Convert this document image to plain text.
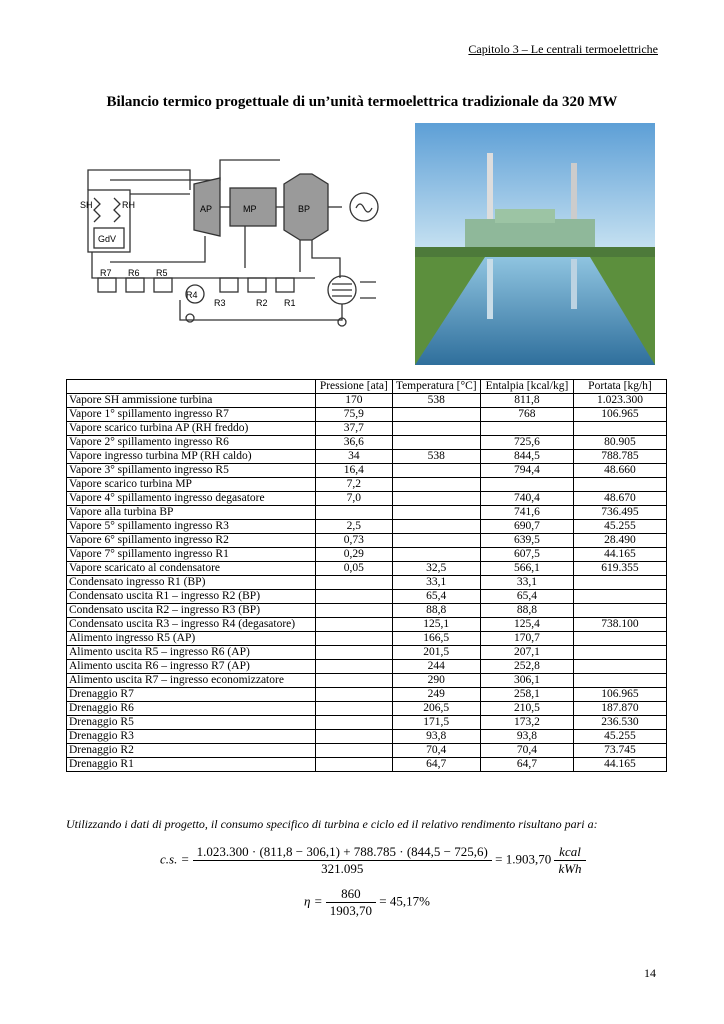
Capitolo 3 – Le centrali termoelettriche
Bilancio termico progettuale di un’unità termoelettrica tradizionale da 320 MW
SH	RH
GdV
AP	MP	BP
R7 R6 R5
R4
R3	R2 R1
	Pressione [ata]	Temperatura [°C]	Entalpia [kcal/kg]	Portata [kg/h]
Vapore SH ammissione turbina	170	538	811,8	1.023.300
Vapore 1° spillamento ingresso R7	75,9		768	106.965
Vapore scarico turbina AP (RH freddo)	37,7			
Vapore 2° spillamento ingresso R6	36,6		725,6	80.905
Vapore ingresso turbina MP (RH caldo)	34	538	844,5	788.785
Vapore 3° spillamento ingresso R5	16,4		794,4	48.660
Vapore scarico turbina MP	7,2			
Vapore 4° spillamento ingresso degasatore	7,0		740,4	48.670
Vapore alla turbina BP			741,6	736.495
Vapore 5° spillamento ingresso R3	2,5		690,7	45.255
Vapore 6° spillamento ingresso R2	0,73		639,5	28.490
Vapore 7° spillamento ingresso R1	0,29		607,5	44.165
Vapore scaricato al condensatore	0,05	32,5	566,1	619.355
Condensato ingresso R1 (BP)		33,1	33,1	
Condensato uscita R1 – ingresso R2 (BP)		65,4	65,4	
Condensato uscita R2 – ingresso R3 (BP)		88,8	88,8	
Condensato uscita R3 – ingresso R4 (degasatore)		125,1	125,4	738.100
Alimento ingresso R5 (AP)		166,5	170,7	
Alimento uscita R5 – ingresso R6 (AP)		201,5	207,1	
Alimento uscita R6 – ingresso R7 (AP)		244	252,8	
Alimento uscita R7 – ingresso economizzatore		290	306,1	
Drenaggio R7		249	258,1	106.965
Drenaggio R6		206,5	210,5	187.870
Drenaggio R5		171,5	173,2	236.530
Drenaggio R3		93,8	93,8	45.255
Drenaggio R2		70,4	70,4	73.745
Drenaggio R1		64,7	64,7	44.165
Utilizzando i dati di progetto, il consumo specifico di turbina e ciclo ed il relativo rendimento risultano pari a:
c.s. = $\frac{1.023.300 \cdot (811,8 - 306,1) + 788.785 \cdot (844,5 - 725,6)}{321.095} = 1.903,70 \frac{\text{kcal}}{\text{kWh}}$
$\eta = \frac{860}{1903,70} = 45,17\%$
14
